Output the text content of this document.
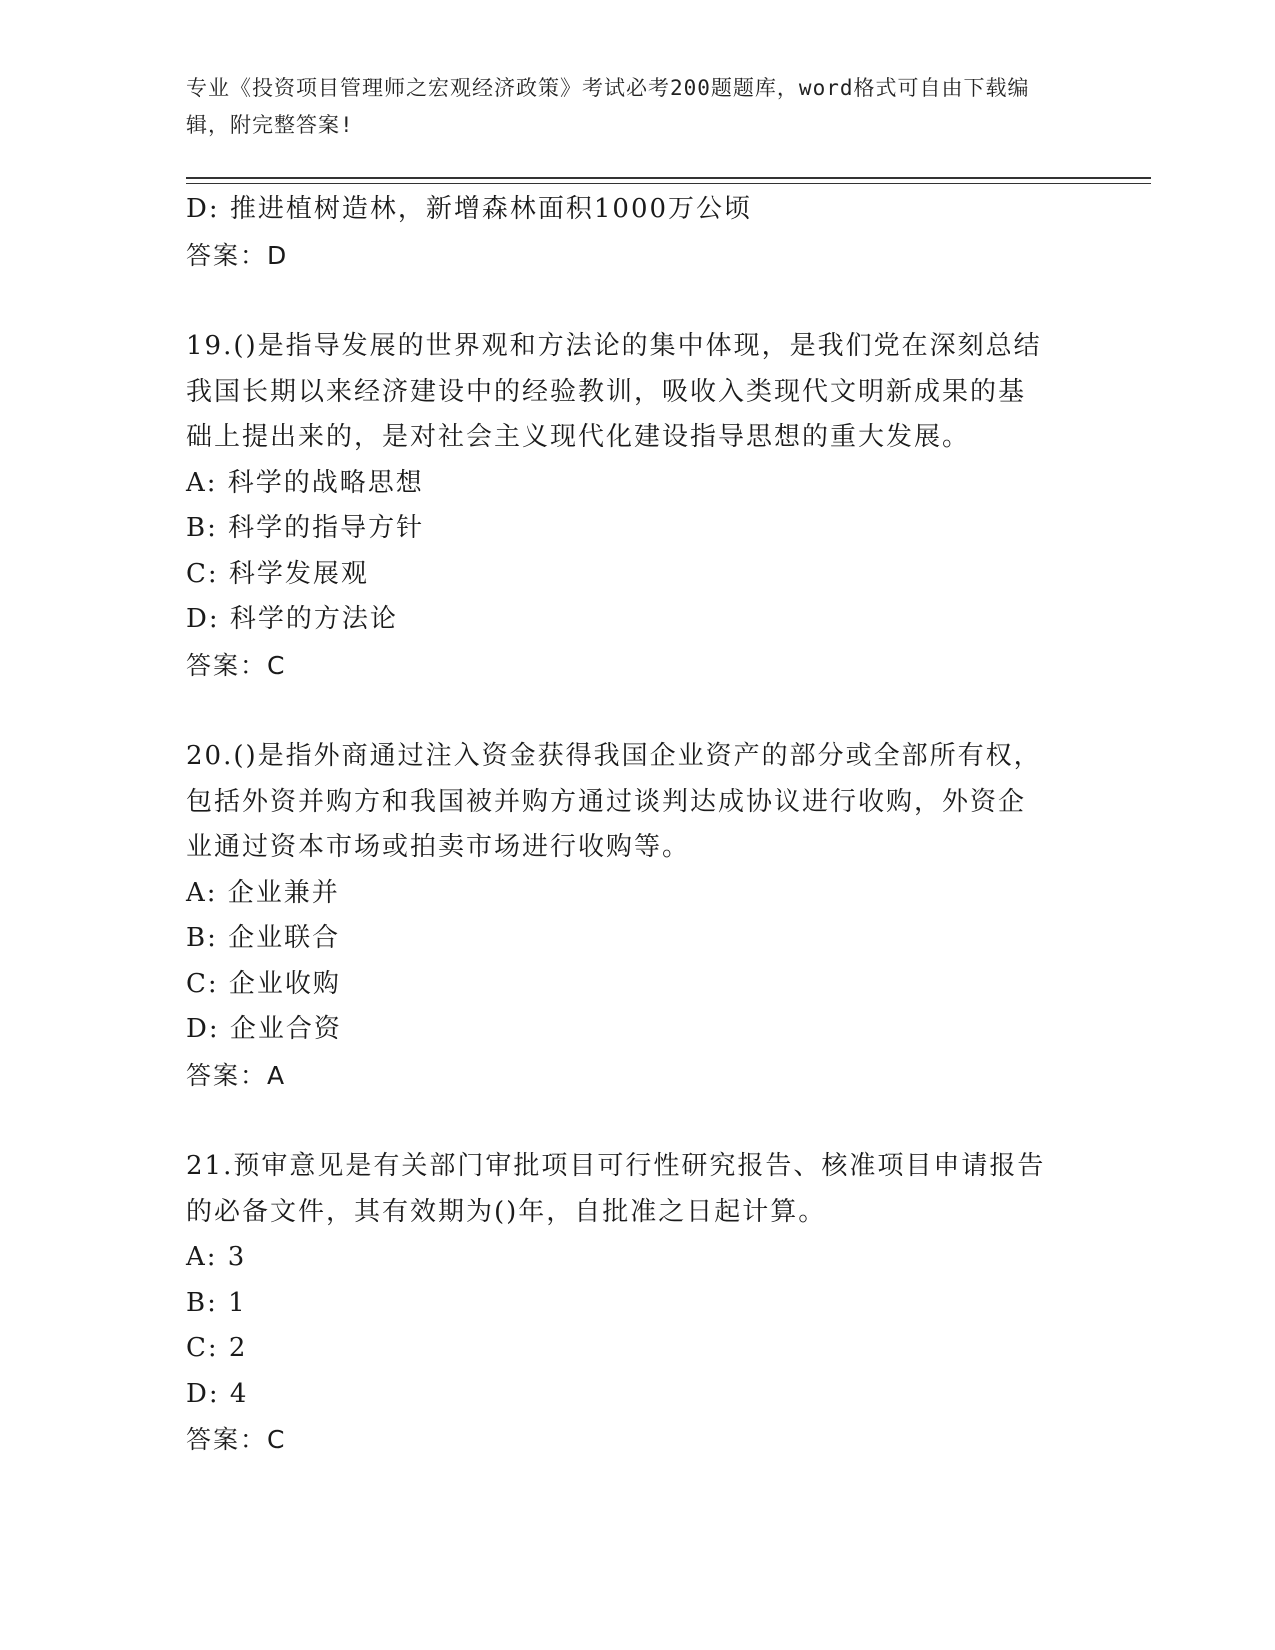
专业《投资项目管理师之宏观经济政策》考试必考200题题库，word格式可自由下载编辑，附完整答案!
D: 推进植树造林，新增森林面积1000万公顷
答案：D
19.()是指导发展的世界观和方法论的集中体现，是我们党在深刻总结
我国长期以来经济建设中的经验教训，吸收入类现代文明新成果的基
础上提出来的，是对社会主义现代化建设指导思想的重大发展。
A: 科学的战略思想
B: 科学的指导方针
C: 科学发展观
D: 科学的方法论
答案：C
20.()是指外商通过注入资金获得我国企业资产的部分或全部所有权，
包括外资并购方和我国被并购方通过谈判达成协议进行收购，外资企
业通过资本市场或拍卖市场进行收购等。
A: 企业兼并
B: 企业联合
C: 企业收购
D: 企业合资
答案：A
21.预审意见是有关部门审批项目可行性研究报告、核准项目申请报告
的必备文件，其有效期为()年，自批准之日起计算。
A: 3
B: 1
C: 2
D: 4
答案：C
